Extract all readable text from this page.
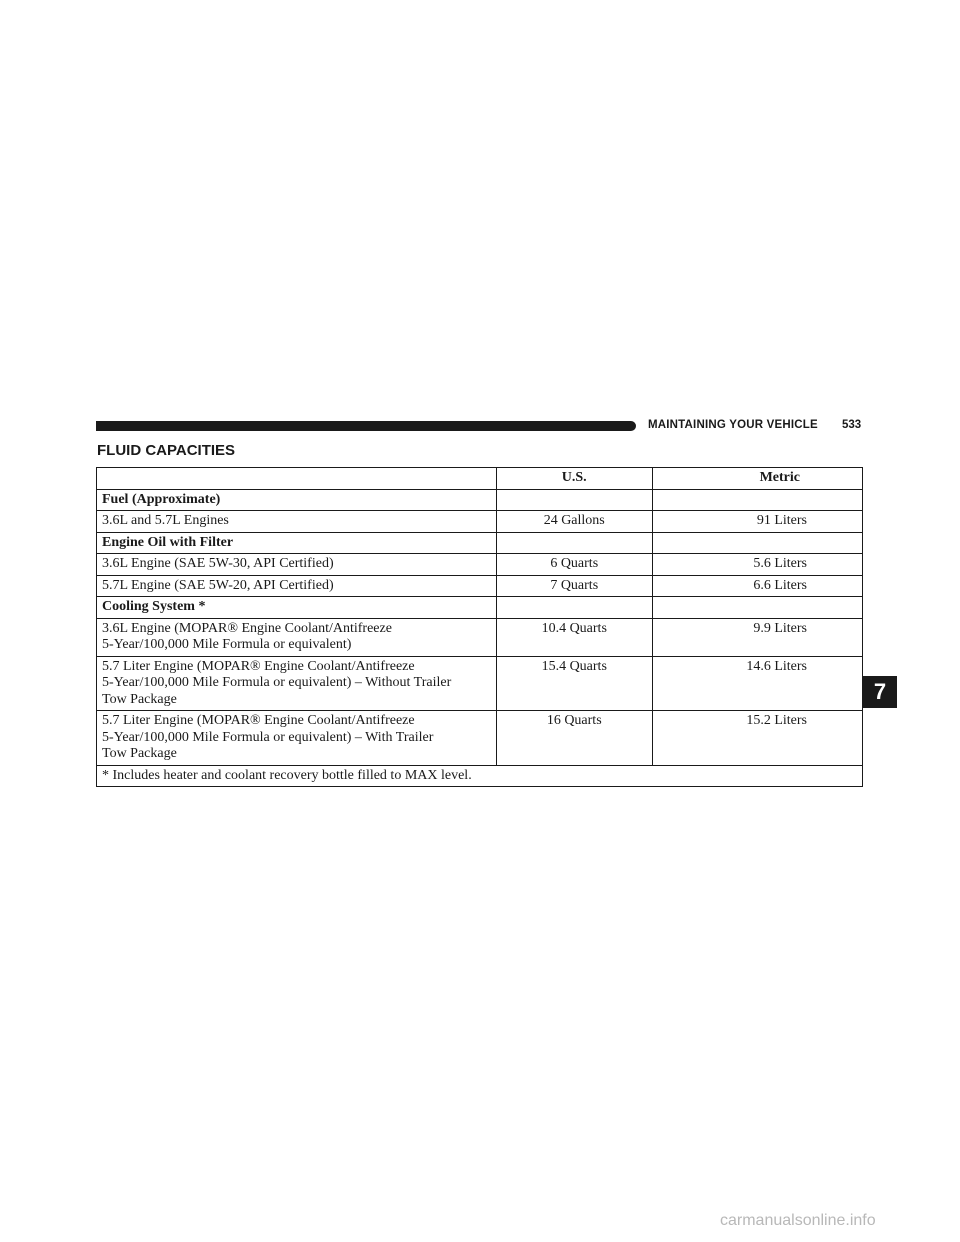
MAINTAINING YOUR VEHICLE 533
FLUID CAPACITIES
	U.S.	Metric
Fuel (Approximate)		
3.6L and 5.7L Engines	24 Gallons	91 Liters
Engine Oil with Filter		
3.6L Engine (SAE 5W-30, API Certified)	6 Quarts	5.6 Liters
5.7L Engine (SAE 5W-20, API Certified)	7 Quarts	6.6 Liters
Cooling System *		
3.6L Engine (MOPAR® Engine Coolant/Antifreeze
5-Year/100,000 Mile Formula or equivalent)	10.4 Quarts	9.9 Liters
5.7 Liter Engine (MOPAR® Engine Coolant/Antifreeze
5-Year/100,000 Mile Formula or equivalent) – Without Trailer
Tow Package	15.4 Quarts	14.6 Liters
5.7 Liter Engine (MOPAR® Engine Coolant/Antifreeze
5-Year/100,000 Mile Formula or equivalent) – With Trailer
Tow Package	16 Quarts	15.2 Liters
* Includes heater and coolant recovery bottle filled to MAX level.		
7
carmanualsonline.info
